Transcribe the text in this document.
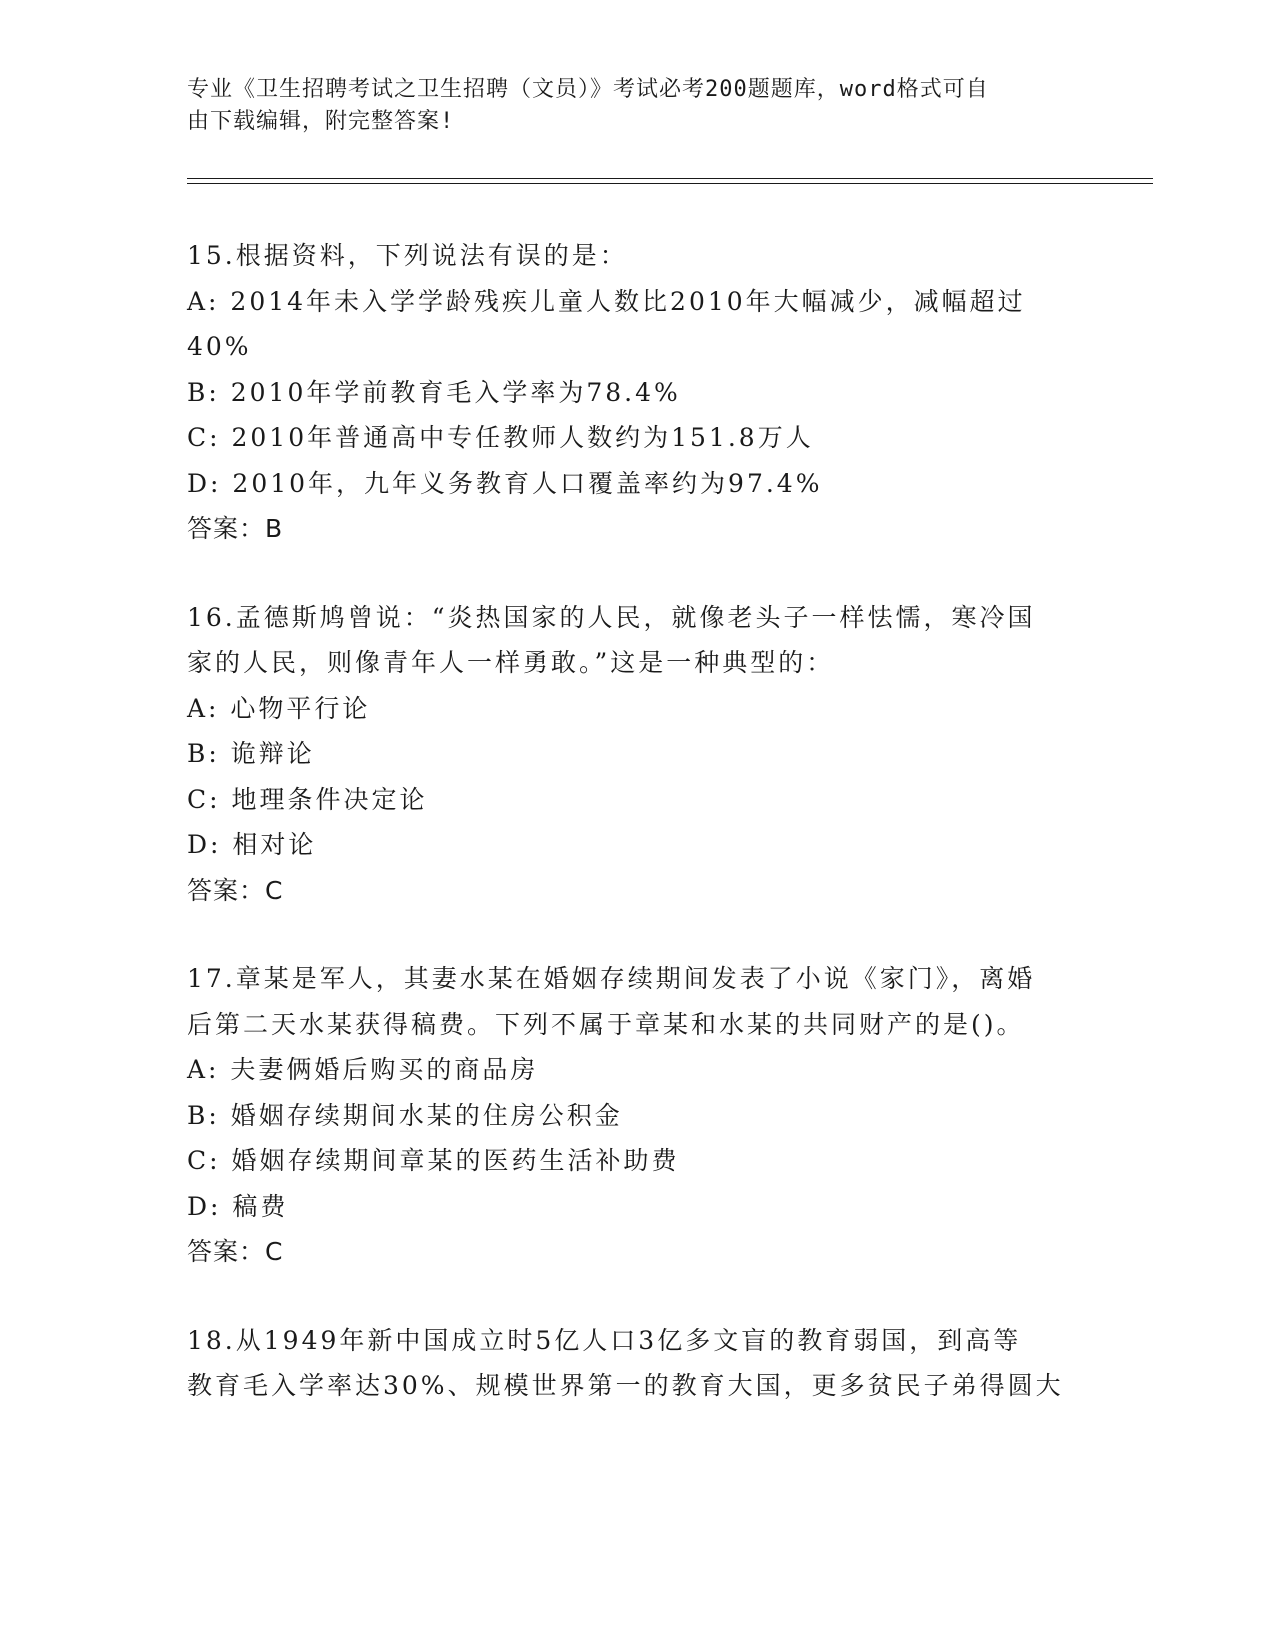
专业《卫生招聘考试之卫生招聘（文员）》考试必考200题题库，word格式可自
由下载编辑，附完整答案!
15.根据资料，下列说法有误的是：
A: 2014年未入学学龄残疾儿童人数比2010年大幅减少，减幅超过
40%
B: 2010年学前教育毛入学率为78.4%
C: 2010年普通高中专任教师人数约为151.8万人
D: 2010年，九年义务教育人口覆盖率约为97.4%
答案：B
16.孟德斯鸠曾说：“炎热国家的人民，就像老头子一样怯懦，寒冷国
家的人民，则像青年人一样勇敢。”这是一种典型的：
A: 心物平行论
B: 诡辩论
C: 地理条件决定论
D: 相对论
答案：C
17.章某是军人，其妻水某在婚姻存续期间发表了小说《家门》，离婚
后第二天水某获得稿费。下列不属于章某和水某的共同财产的是()。
A: 夫妻俩婚后购买的商品房
B: 婚姻存续期间水某的住房公积金
C: 婚姻存续期间章某的医药生活补助费
D: 稿费
答案：C
18.从1949年新中国成立时5亿人口3亿多文盲的教育弱国，到高等
教育毛入学率达30%、规模世界第一的教育大国，更多贫民子弟得圆大
